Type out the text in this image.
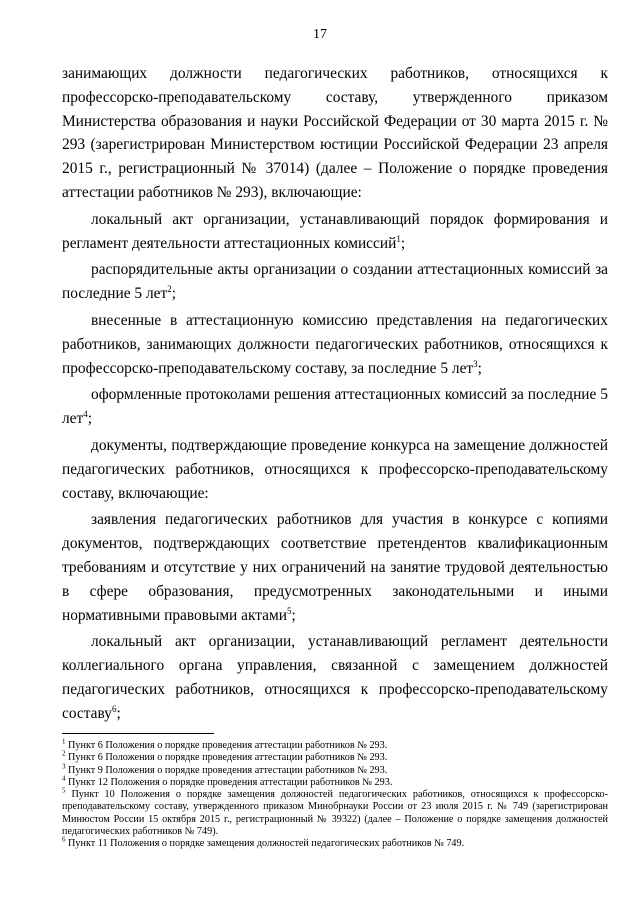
17

занимающих должности педагогических работников, относящихся к профессорско-преподавательскому составу, утвержденного приказом Министерства образования и науки Российской Федерации от 30 марта 2015 г. № 293 (зарегистрирован Министерством юстиции Российской Федерации 23 апреля 2015 г., регистрационный № 37014) (далее – Положение о порядке проведения аттестации работников № 293), включающие:

локальный акт организации, устанавливающий порядок формирования и регламент деятельности аттестационных комиссий$^1$;

распорядительные акты организации о создании аттестационных комиссий за последние 5 лет$^2$;

внесенные в аттестационную комиссию представления на педагогических работников, занимающих должности педагогических работников, относящихся к профессорско-преподавательскому составу, за последние 5 лет$^3$;

оформленные протоколами решения аттестационных комиссий за последние 5 лет$^4$;

документы, подтверждающие проведение конкурса на замещение должностей педагогических работников, относящихся к профессорско-преподавательскому составу, включающие:

заявления педагогических работников для участия в конкурсе с копиями документов, подтверждающих соответствие претендентов квалификационным требованиям и отсутствие у них ограничений на занятие трудовой деятельностью в сфере образования, предусмотренных законодательными и иными нормативными правовыми актами$^5$;

локальный акт организации, устанавливающий регламент деятельности коллегиального органа управления, связанной с замещением должностей педагогических работников, относящихся к профессорско-преподавательскому составу$^6$;

$^1$ Пункт 6 Положения о порядке проведения аттестации работников № 293.

$^2$ Пункт 6 Положения о порядке проведения аттестации работников № 293.

$^3$ Пункт 9 Положения о порядке проведения аттестации работников № 293.

$^4$ Пункт 12 Положения о порядке проведения аттестации работников № 293.

$^5$ Пункт 10 Положения о порядке замещения должностей педагогических работников, относящихся к профессорско-преподавательскому составу, утвержденного приказом Минобрнауки России от 23 июля 2015 г. № 749 (зарегистрирован Минюстом России 15 октября 2015 г., регистрационный № 39322) (далее – Положение о порядке замещения должностей педагогических работников № 749).

$^6$ Пункт 11 Положения о порядке замещения должностей педагогических работников № 749.
